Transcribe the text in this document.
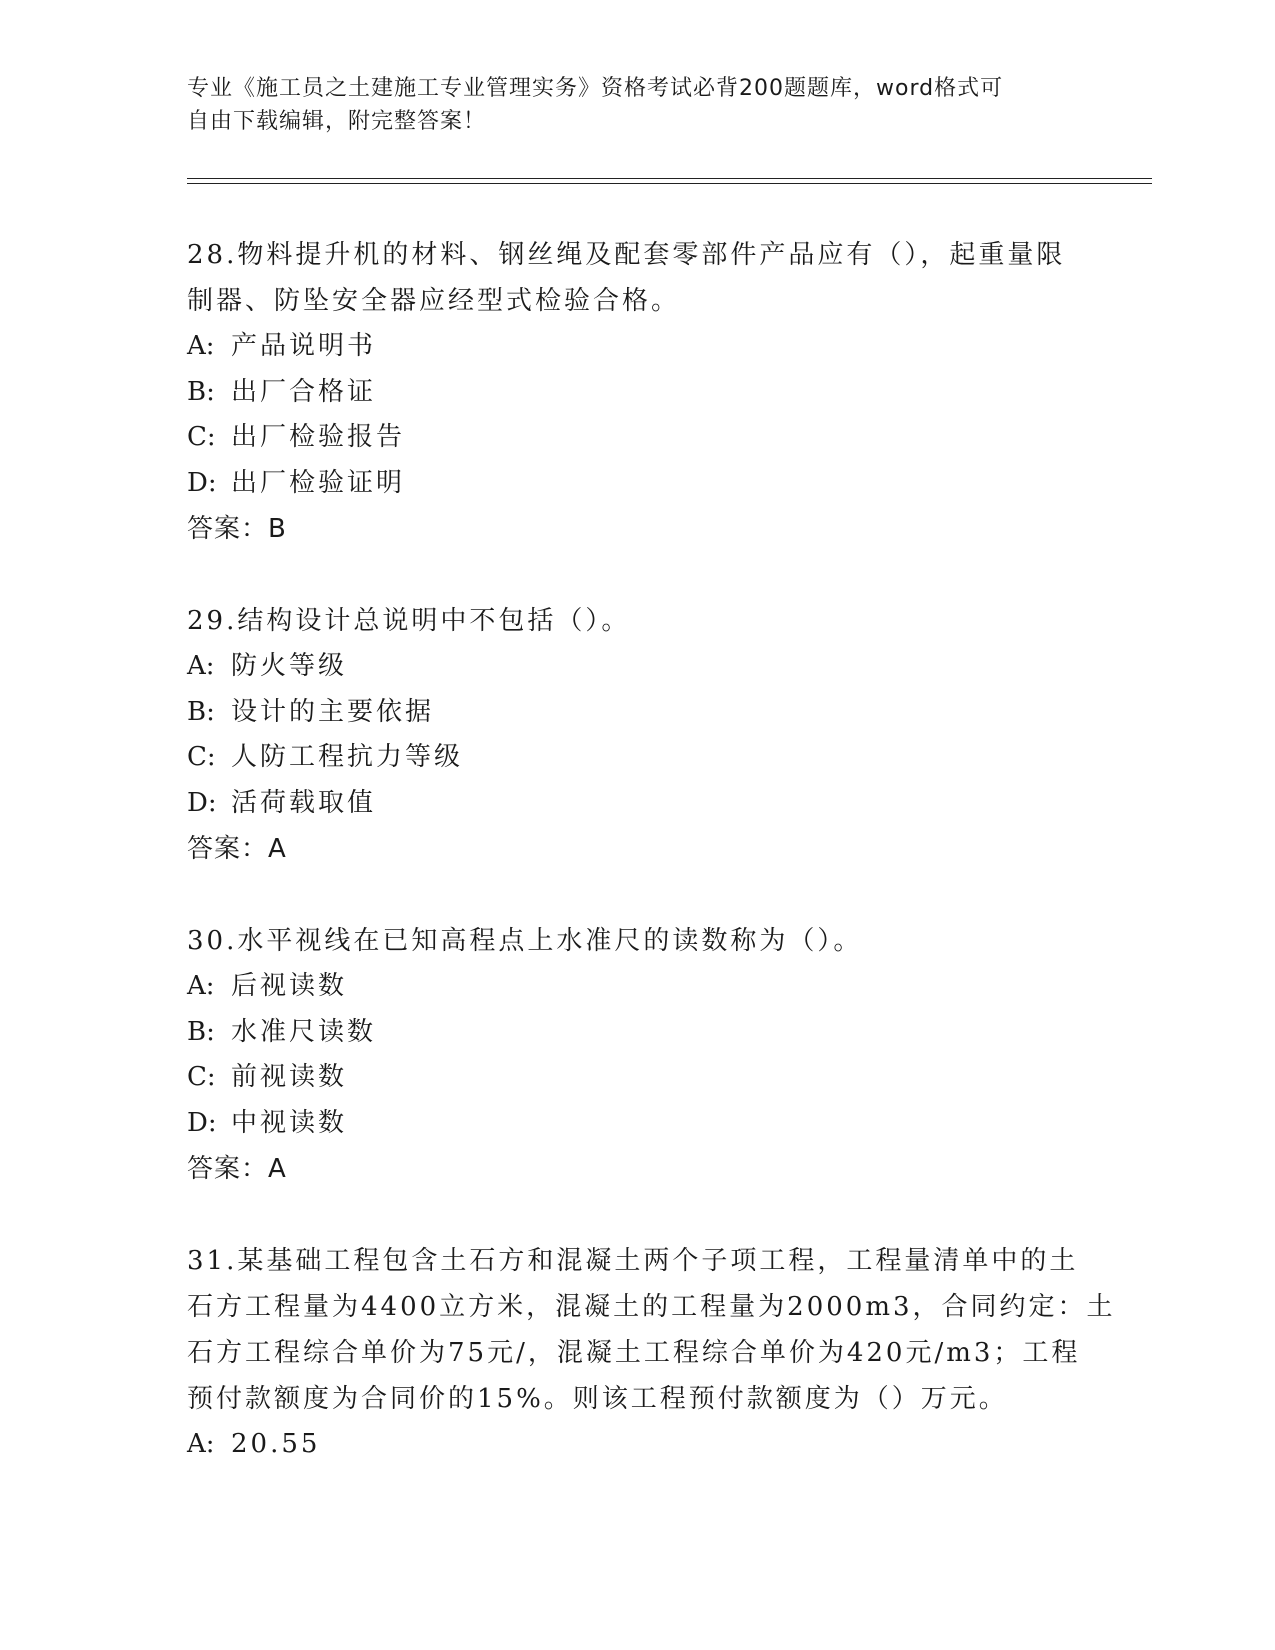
专业《施工员之土建施工专业管理实务》资格考试必背200题题库，word格式可
自由下载编辑，附完整答案！
28.物料提升机的材料、钢丝绳及配套零部件产品应有（），起重量限
制器、防坠安全器应经型式检验合格。
A: 产品说明书
B: 出厂合格证
C: 出厂检验报告
D: 出厂检验证明
答案：B
29.结构设计总说明中不包括（）。
A: 防火等级
B: 设计的主要依据
C: 人防工程抗力等级
D: 活荷载取值
答案：A
30.水平视线在已知高程点上水准尺的读数称为（）。
A: 后视读数
B: 水准尺读数
C: 前视读数
D: 中视读数
答案：A
31.某基础工程包含土石方和混凝土两个子项工程，工程量清单中的土
石方工程量为4400立方米，混凝土的工程量为2000m3，合同约定：土
石方工程综合单价为75元/，混凝土工程综合单价为420元/m3；工程
预付款额度为合同价的15%。则该工程预付款额度为（）万元。
A: 20.55
